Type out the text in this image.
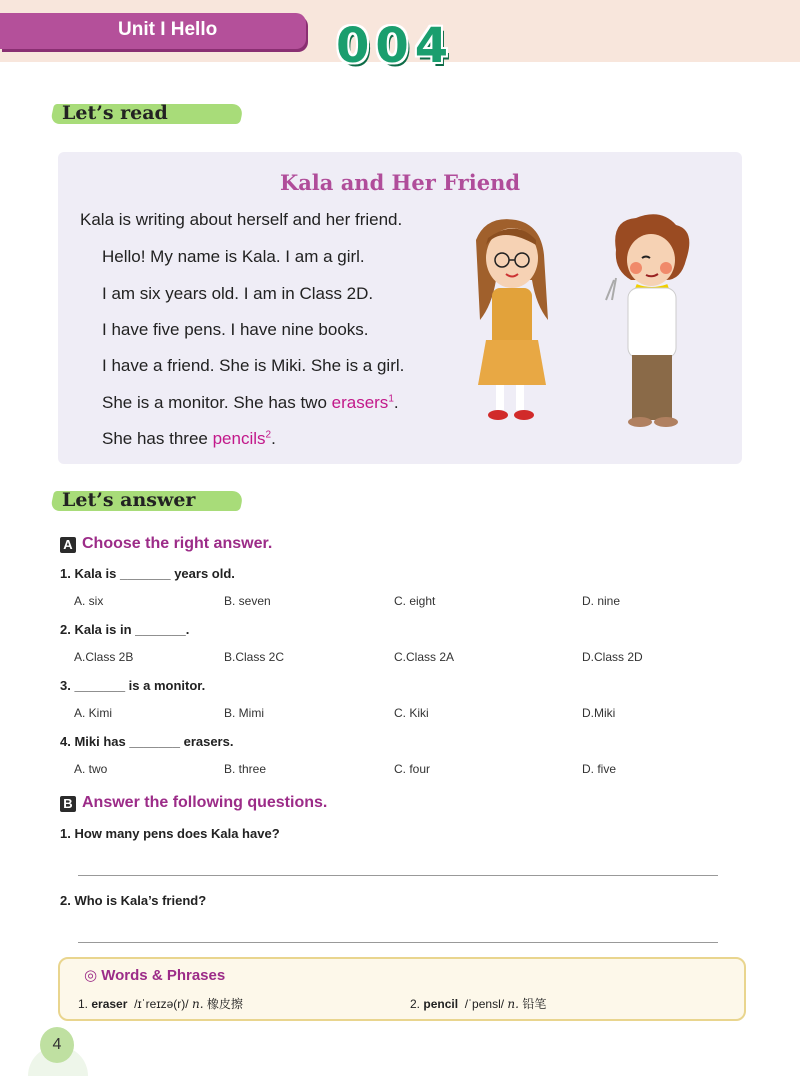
Unit I Hello 004
Let’s read
Kala and Her Friend
Kala is writing about herself and her friend.
Hello! My name is Kala. I am a girl.
I am six years old. I am in Class 2D.
I have five pens. I have nine books.
I have a friend. She is Miki. She is a girl.
She is a monitor. She has two erasers$^1$.
She has three pencils$^2$.
Let’s answer
A Choose the right answer.
1. Kala is _______ years old.
A. six	B. seven	C. eight	D. nine
2. Kala is in _______.
A.Class 2B	B.Class 2C	C.Class 2A	D.Class 2D
3. _______ is a monitor.
A. Kimi	B. Mimi	C. Kiki	D.Miki
4. Miki has _______ erasers.
A. two	B. three	C. four	D. five
B Answer the following questions.
1. How many pens does Kala have?
2. Who is Kala’s friend?
◎ Words & Phrases
1. eraser /ɪˈreɪzə(r)/ n. 橡皮擦	2. pencil /ˈpensl/ n. 铅笔
4
